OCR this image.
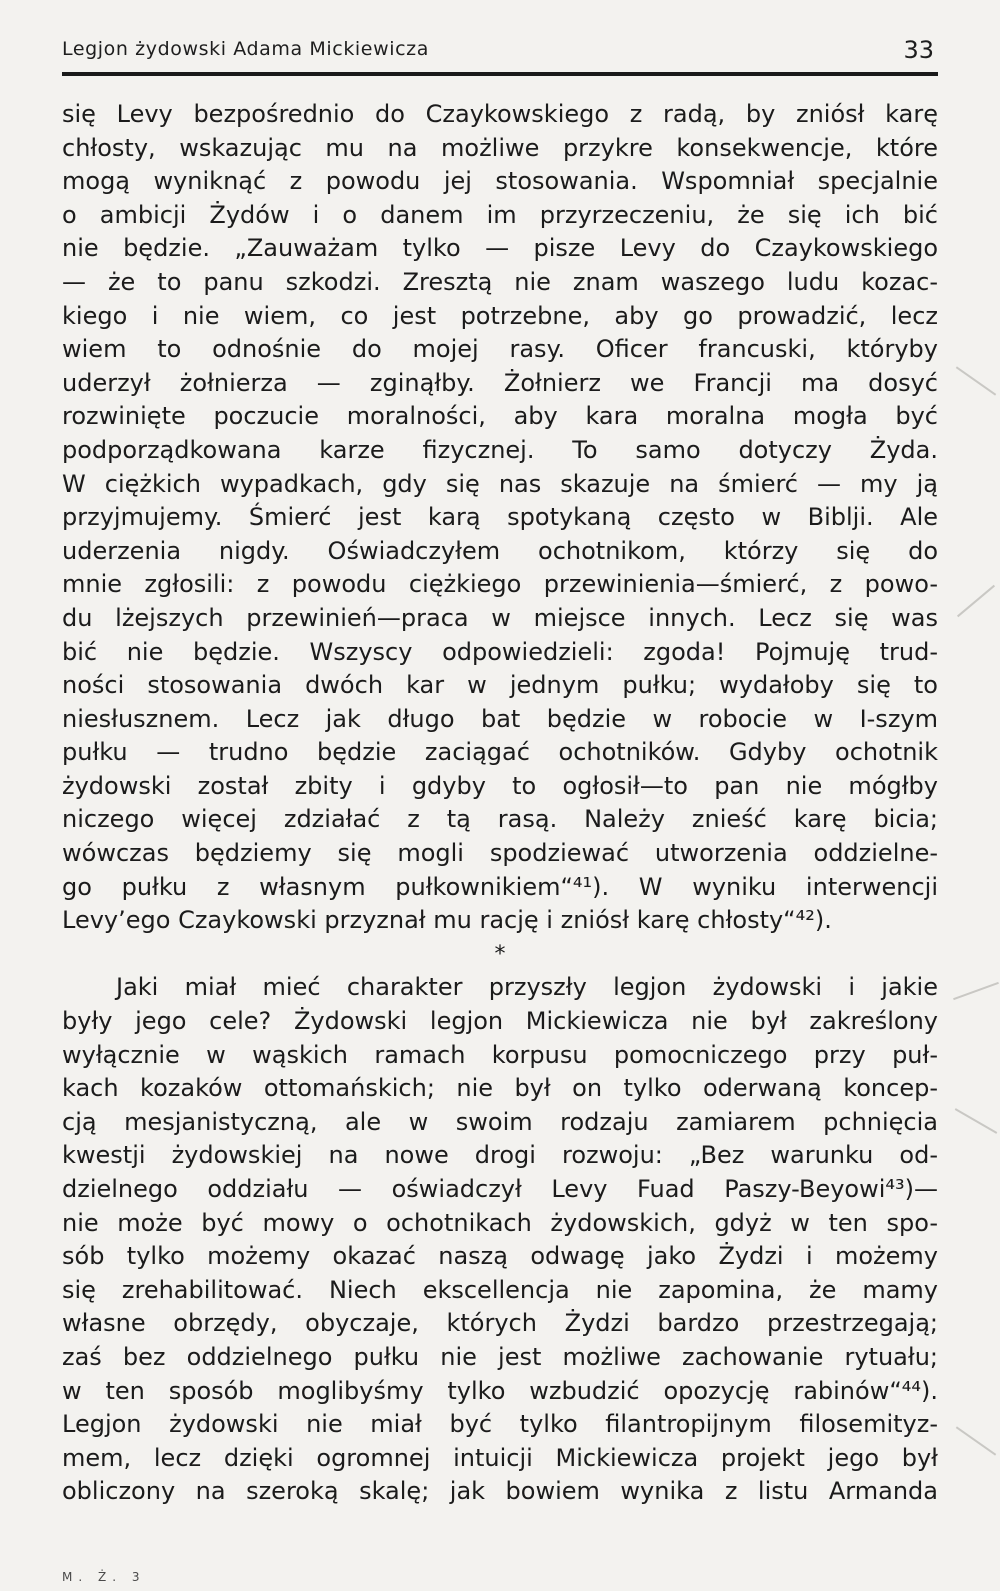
Legjon żydowski Adama Mickiewicza	33
się Levy bezpośrednio do Czaykowskiego z radą, by zniósł karę
chłosty, wskazując mu na możliwe przykre konsekwencje, które
mogą wyniknąć z powodu jej stosowania. Wspomniał specjalnie
o ambicji Żydów i o danem im przyrzeczeniu, że się ich bić
nie będzie. „Zauważam tylko — pisze Levy do Czaykowskiego
— że to panu szkodzi. Zresztą nie znam waszego ludu kozac-
kiego i nie wiem, co jest potrzebne, aby go prowadzić, lecz
wiem to odnośnie do mojej rasy. Oficer francuski, któryby
uderzył żołnierza — zginąłby. Żołnierz we Francji ma dosyć
rozwinięte poczucie moralności, aby kara moralna mogła być
podporządkowana karze fizycznej. To samo dotyczy Żyda.
W ciężkich wypadkach, gdy się nas skazuje na śmierć — my ją
przyjmujemy. Śmierć jest karą spotykaną często w Biblji. Ale
uderzenia nigdy. Oświadczyłem ochotnikom, którzy się do
mnie zgłosili: z powodu ciężkiego przewinienia—śmierć, z powo-
du lżejszych przewinień—praca w miejsce innych. Lecz się was
bić nie będzie. Wszyscy odpowiedzieli: zgoda! Pojmuję trud-
ności stosowania dwóch kar w jednym pułku; wydałoby się to
niesłusznem. Lecz jak długo bat będzie w robocie w I-szym
pułku — trudno będzie zaciągać ochotników. Gdyby ochotnik
żydowski został zbity i gdyby to ogłosił—to pan nie mógłby
niczego więcej zdziałać z tą rasą. Należy znieść karę bicia;
wówczas będziemy się mogli spodziewać utworzenia oddzielne-
go pułku z własnym pułkownikiem“⁴¹). W wyniku interwencji
Levy’ego Czaykowski przyznał mu rację i zniósł karę chłosty“⁴²).
*
Jaki miał mieć charakter przyszły legjon żydowski i jakie
były jego cele? Żydowski legjon Mickiewicza nie był zakreślony
wyłącznie w wąskich ramach korpusu pomocniczego przy puł-
kach kozaków ottomańskich; nie był on tylko oderwaną koncep-
cją mesjanistyczną, ale w swoim rodzaju zamiarem pchnięcia
kwestji żydowskiej na nowe drogi rozwoju: „Bez warunku od-
dzielnego oddziału — oświadczył Levy Fuad Paszy-Beyowi⁴³)—
nie może być mowy o ochotnikach żydowskich, gdyż w ten spo-
sób tylko możemy okazać naszą odwagę jako Żydzi i możemy
się zrehabilitować. Niech ekscellencja nie zapomina, że mamy
własne obrzędy, obyczaje, których Żydzi bardzo przestrzegają;
zaś bez oddzielnego pułku nie jest możliwe zachowanie rytuału;
w ten sposób moglibyśmy tylko wzbudzić opozycję rabinów“⁴⁴).
Legjon żydowski nie miał być tylko filantropijnym filosemityz-
mem, lecz dzięki ogromnej intuicji Mickiewicza projekt jego był
obliczony na szeroką skalę; jak bowiem wynika z listu Armanda
M. Ż. 3
